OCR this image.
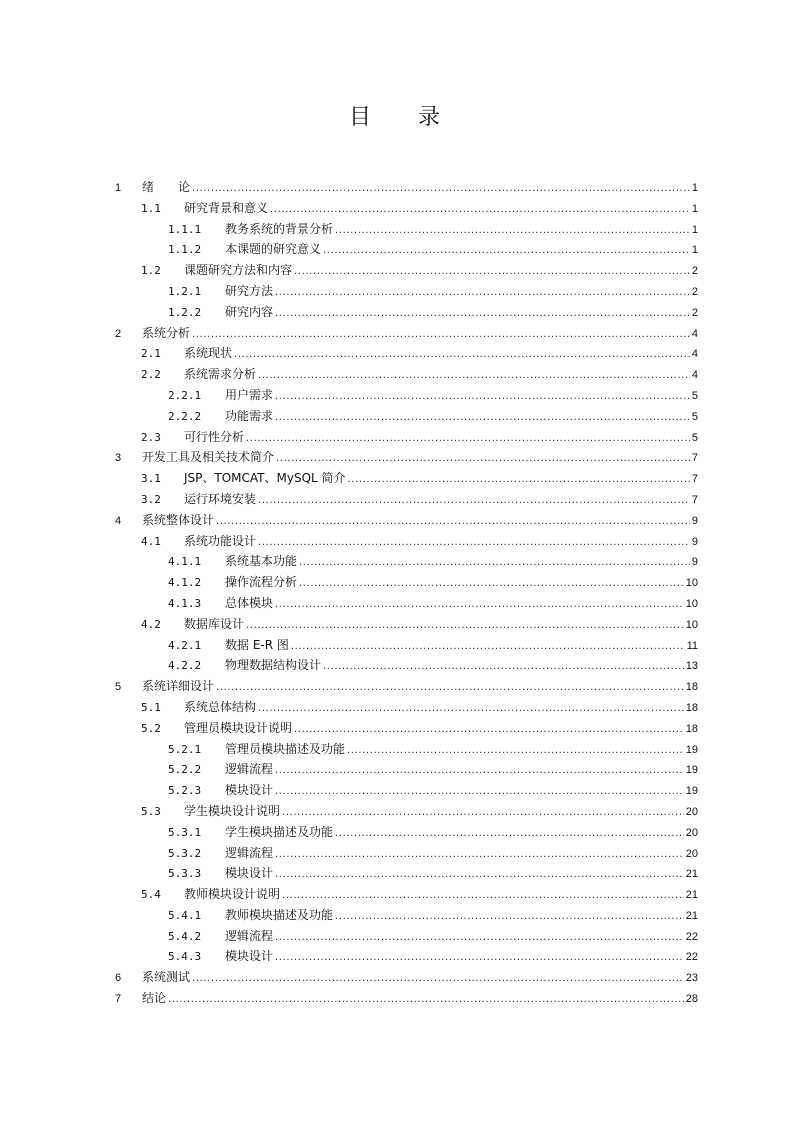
目 录
1	绪　　论 .....	1
1.1	研究背景和意义 .....	1
1.1.1	教务系统的背景分析 .....	1
1.1.2	本课题的研究意义 .....	1
1.2	课题研究方法和内容 .....	2
1.2.1	研究方法 .....	2
1.2.2	研究内容 .....	2
2	系统分析 .....	4
2.1	系统现状 .....	4
2.2	系统需求分析 .....	4
2.2.1	用户需求 .....	5
2.2.2	功能需求 .....	5
2.3	可行性分析 .....	5
3	开发工具及相关技术简介 .....	7
3.1	JSP、TOMCAT、MySQL 简介 .....	7
3.2	运行环境安装 .....	7
4	系统整体设计 .....	9
4.1	系统功能设计 .....	9
4.1.1	系统基本功能 .....	9
4.1.2	操作流程分析 .....	10
4.1.3	总体模块 .....	10
4.2	数据库设计 .....	10
4.2.1	数据 E-R 图 .....	11
4.2.2	物理数据结构设计 .....	13
5	系统详细设计 .....	18
5.1	系统总体结构 .....	18
5.2	管理员模块设计说明 .....	18
5.2.1	管理员模块描述及功能 .....	19
5.2.2	逻辑流程 .....	19
5.2.3	模块设计 .....	19
5.3	学生模块设计说明 .....	20
5.3.1	学生模块描述及功能 .....	20
5.3.2	逻辑流程 .....	20
5.3.3	模块设计 .....	21
5.4	教师模块设计说明 .....	21
5.4.1	教师模块描述及功能 .....	21
5.4.2	逻辑流程 .....	22
5.4.3	模块设计 .....	22
6	系统测试 .....	23
7	结论 .....	28
